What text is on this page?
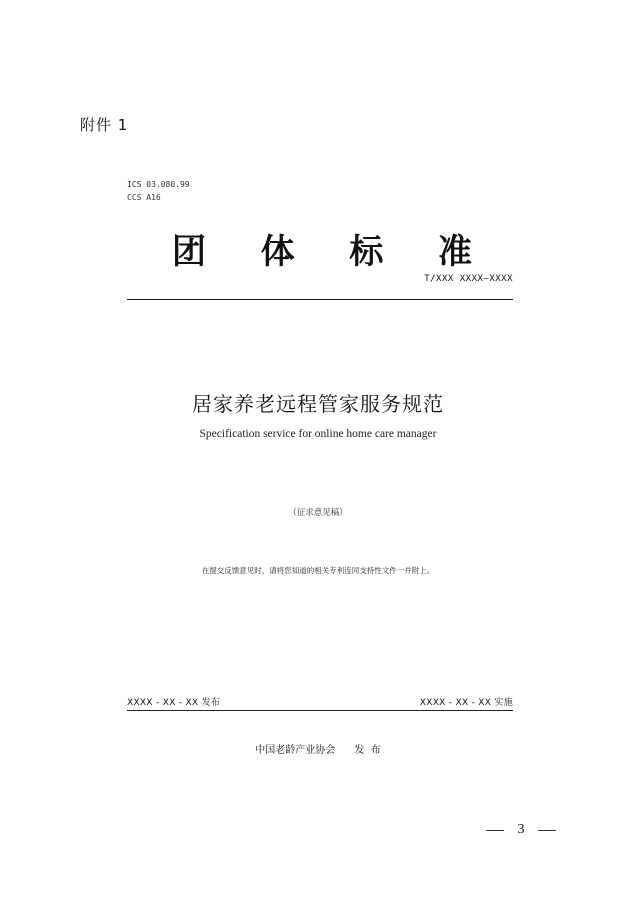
附件 1
ICS 03.080.99
CCS A16
团 体 标 准
T/XXX XXXX—XXXX
居家养老远程管家服务规范
Specification service for online home care manager
（征求意见稿）
在提交反馈意见时，请将您知道的相关专利连同支持性文件一并附上。
XXXX - XX - XX 发布	XXXX - XX - XX 实施
中国老龄产业协会      发  布
3
